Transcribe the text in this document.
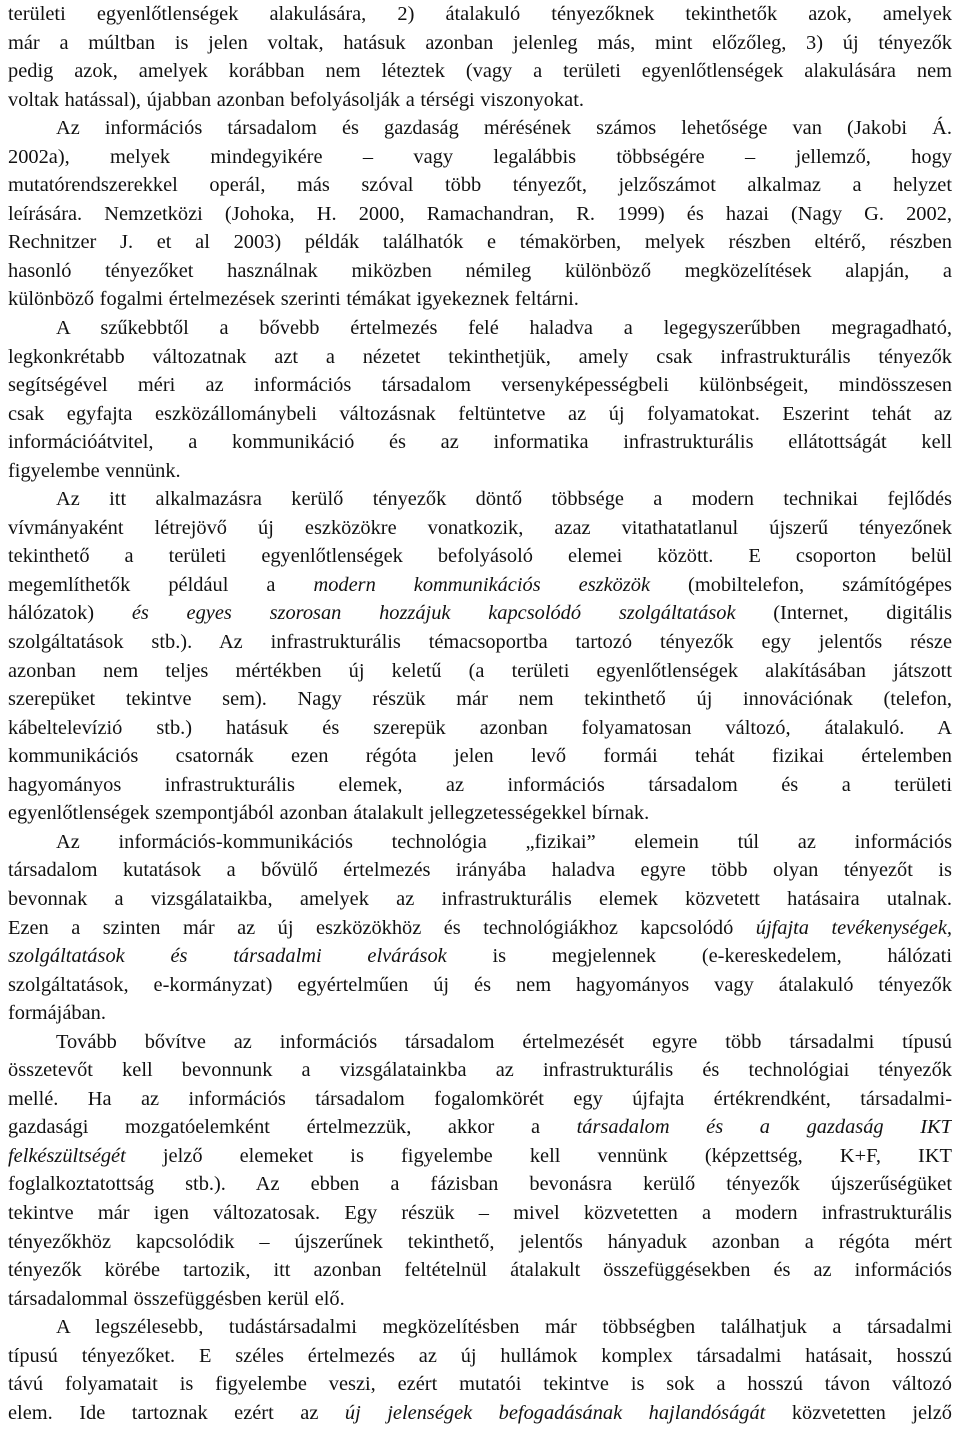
területi egyenlőtlenségek alakulására, 2) átalakuló tényezőknek tekinthetők azok, amelyek
már a múltban is jelen voltak, hatásuk azonban jelenleg más, mint előzőleg, 3) új tényezők
pedig azok, amelyek korábban nem léteztek (vagy a területi egyenlőtlenségek alakulására nem
voltak hatással), újabban azonban befolyásolják a térségi viszonyokat.
Az információs társadalom és gazdaság mérésének számos lehetősége van (Jakobi Á.
2002a), melyek mindegyikére – vagy legalábbis többségére – jellemző, hogy
mutatórendszerekkel operál, más szóval több tényezőt, jelzőszámot alkalmaz a helyzet
leírására. Nemzetközi (Johoka, H. 2000, Ramachandran, R. 1999) és hazai (Nagy G. 2002,
Rechnitzer J. et al 2003) példák találhatók e témakörben, melyek részben eltérő, részben
hasonló tényezőket használnak miközben némileg különböző megközelítések alapján, a
különböző fogalmi értelmezések szerinti témákat igyekeznek feltárni.
A szűkebbtől a bővebb értelmezés felé haladva a legegyszerűbben megragadható,
legkonkrétabb változatnak azt a nézetet tekinthetjük, amely csak infrastrukturális tényezők
segítségével méri az információs társadalom versenyképességbeli különbségeit, mindösszesen
csak egyfajta eszközállománybeli változásnak feltüntetve az új folyamatokat. Eszerint tehát az
információátvitel, a kommunikáció és az informatika infrastrukturális ellátottságát kell
figyelembe vennünk.
Az itt alkalmazásra kerülő tényezők döntő többsége a modern technikai fejlődés
vívmányaként létrejövő új eszközökre vonatkozik, azaz vitathatatlanul újszerű tényezőnek
tekinthető a területi egyenlőtlenségek befolyásoló elemei között. E csoporton belül
megemlíthetők például a modern kommunikációs eszközök (mobiltelefon, számítógépes
hálózatok) és egyes szorosan hozzájuk kapcsolódó szolgáltatások (Internet, digitális
szolgáltatások stb.). Az infrastrukturális témacsoportba tartozó tényezők egy jelentős része
azonban nem teljes mértékben új keletű (a területi egyenlőtlenségek alakításában játszott
szerepüket tekintve sem). Nagy részük már nem tekinthető új innovációnak (telefon,
kábeltelevízió stb.) hatásuk és szerepük azonban folyamatosan változó, átalakuló. A
kommunikációs csatornák ezen régóta jelen levő formái tehát fizikai értelemben
hagyományos infrastrukturális elemek, az információs társadalom és a területi
egyenlőtlenségek szempontjából azonban átalakult jellegzetességekkel bírnak.
Az információs-kommunikációs technológia „fizikai” elemein túl az információs
társadalom kutatások a bővülő értelmezés irányába haladva egyre több olyan tényezőt is
bevonnak a vizsgálataikba, amelyek az infrastrukturális elemek közvetett hatásaira utalnak.
Ezen a szinten már az új eszközökhöz és technológiákhoz kapcsolódó újfajta tevékenységek,
szolgáltatások és társadalmi elvárások is megjelennek (e-kereskedelem, hálózati
szolgáltatások, e-kormányzat) egyértelműen új és nem hagyományos vagy átalakuló tényezők
formájában.
Tovább bővítve az információs társadalom értelmezését egyre több társadalmi típusú
összetevőt kell bevonnunk a vizsgálatainkba az infrastrukturális és technológiai tényezők
mellé. Ha az információs társadalom fogalomkörét egy újfajta értékrendként, társadalmi-
gazdasági mozgatóelemként értelmezzük, akkor a társadalom és a gazdaság IKT
felkészültségét jelző elemeket is figyelembe kell vennünk (képzettség, K+F, IKT
foglalkoztatottság stb.). Az ebben a fázisban bevonásra kerülő tényezők újszerűségüket
tekintve már igen változatosak. Egy részük – mivel közvetetten a modern infrastrukturális
tényezőkhöz kapcsolódik – újszerűnek tekinthető, jelentős hányaduk azonban a régóta mért
tényezők körébe tartozik, itt azonban feltételnül átalakult összefüggésekben és az információs
társadalommal összefüggésben kerül elő.
A legszélesebb, tudástársadalmi megközelítésben már többségben találhatjuk a társadalmi
típusú tényezőket. E széles értelmezés az új hullámok komplex társadalmi hatásait, hosszú
távú folyamatait is figyelembe veszi, ezért mutatói tekintve is sok a hosszú távon változó
elem. Ide tartoznak ezért az új jelenségek befogadásának hajlandóságát közvetetten jelző
